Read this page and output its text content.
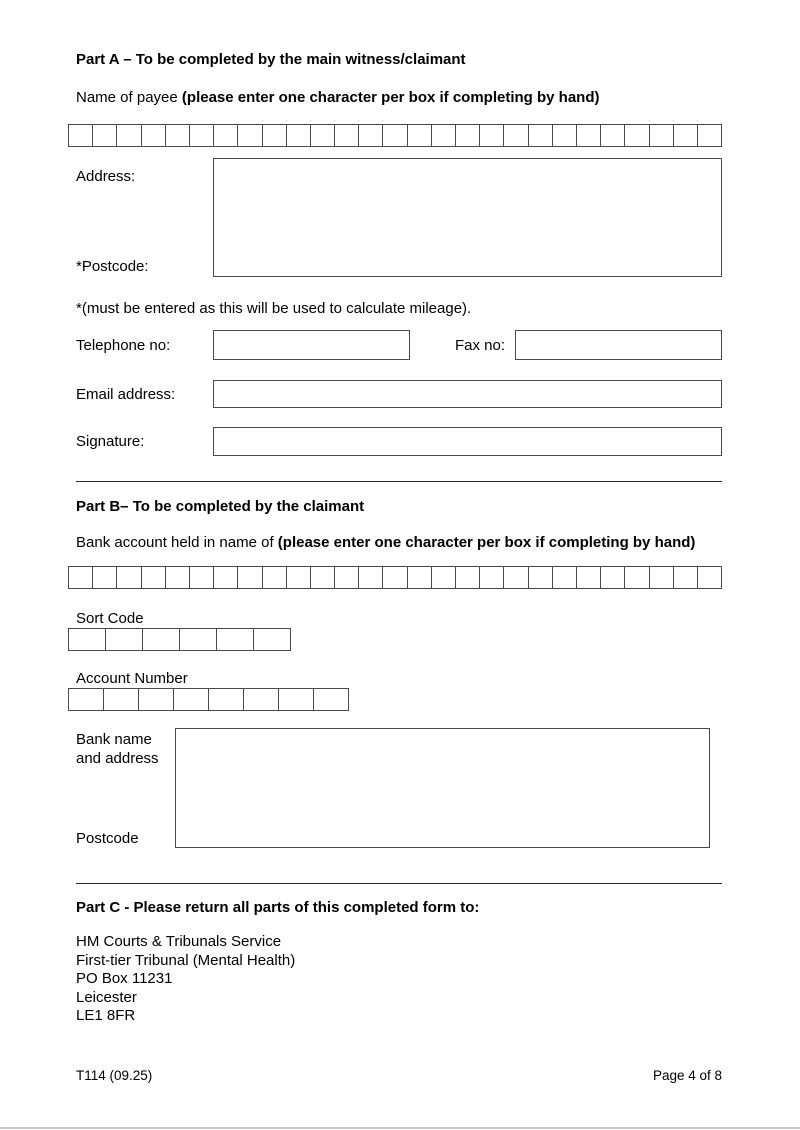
Part A – To be completed by the main witness/claimant

Name of payee (please enter one character per box if completing by hand)

Address:
*Postcode:

*(must be entered as this will be used to calculate mileage).

Telephone no:	Fax no:
Email address:
Signature:
Part B– To be completed by the claimant

Bank account held in name of (please enter one character per box if completing by hand)

Sort Code

Account Number

Bank name
and address
Postcode
Part C - Please return all parts of this completed form to:
HM Courts & Tribunals Service
First-tier Tribunal (Mental Health)
PO Box 11231
Leicester
LE1 8FR
T114 (09.25)	Page 4 of 8
